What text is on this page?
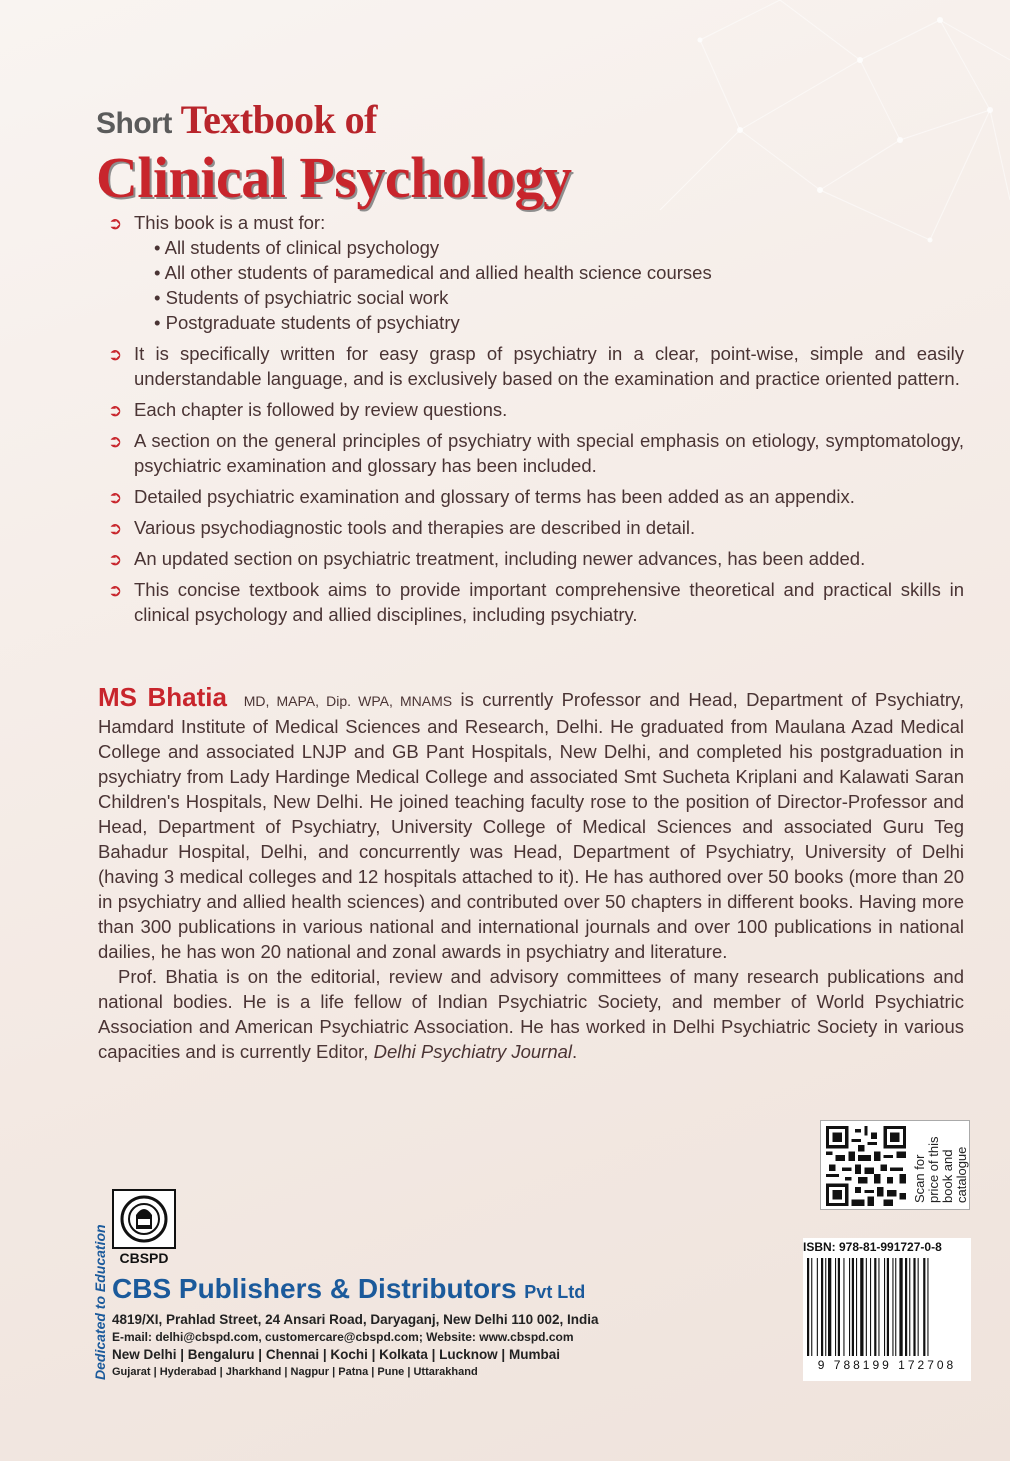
Short Textbook of
Clinical Psychology
➲ This book is a must for:
• All students of clinical psychology
• All other students of paramedical and allied health science courses
• Students of psychiatric social work
• Postgraduate students of psychiatry
➲ It is specifically written for easy grasp of psychiatry in a clear, point-wise, simple and easily understandable language, and is exclusively based on the examination and practice oriented pattern.
➲ Each chapter is followed by review questions.
➲ A section on the general principles of psychiatry with special emphasis on etiology, symptomatology, psychiatric examination and glossary has been included.
➲ Detailed psychiatric examination and glossary of terms has been added as an appendix.
➲ Various psychodiagnostic tools and therapies are described in detail.
➲ An updated section on psychiatric treatment, including newer advances, has been added.
➲ This concise textbook aims to provide important comprehensive theoretical and practical skills in clinical psychology and allied disciplines, including psychiatry.

MS Bhatia MD, MAPA, Dip. WPA, MNAMS is currently Professor and Head, Department of Psychiatry, Hamdard Institute of Medical Sciences and Research, Delhi. He graduated from Maulana Azad Medical College and associated LNJP and GB Pant Hospitals, New Delhi, and completed his postgraduation in psychiatry from Lady Hardinge Medical College and associated Smt Sucheta Kriplani and Kalawati Saran Children's Hospitals, New Delhi. He joined teaching faculty rose to the position of Director-Professor and Head, Department of Psychiatry, University College of Medical Sciences and associated Guru Teg Bahadur Hospital, Delhi, and concurrently was Head, Department of Psychiatry, University of Delhi (having 3 medical colleges and 12 hospitals attached to it). He has authored over 50 books (more than 20 in psychiatry and allied health sciences) and contributed over 50 chapters in different books. Having more than 300 publications in various national and international journals and over 100 publications in national dailies, he has won 20 national and zonal awards in psychiatry and literature.

Prof. Bhatia is on the editorial, review and advisory committees of many research publications and national bodies. He is a life fellow of Indian Psychiatric Society, and member of World Psychiatric Association and American Psychiatric Association. He has worked in Delhi Psychiatric Society in various capacities and is currently Editor, Delhi Psychiatry Journal.

Scan for price of this book and catalogue
ISBN: 978-81-991727-0-8
9 788199 172708
Dedicated to Education CBSPD
CBS Publishers & Distributors Pvt Ltd
4819/XI, Prahlad Street, 24 Ansari Road, Daryaganj, New Delhi 110 002, India
E-mail: delhi@cbspd.com, customercare@cbspd.com; Website: www.cbspd.com
New Delhi | Bengaluru | Chennai | Kochi | Kolkata | Lucknow | Mumbai
Gujarat | Hyderabad | Jharkhand | Nagpur | Patna | Pune | Uttarakhand
